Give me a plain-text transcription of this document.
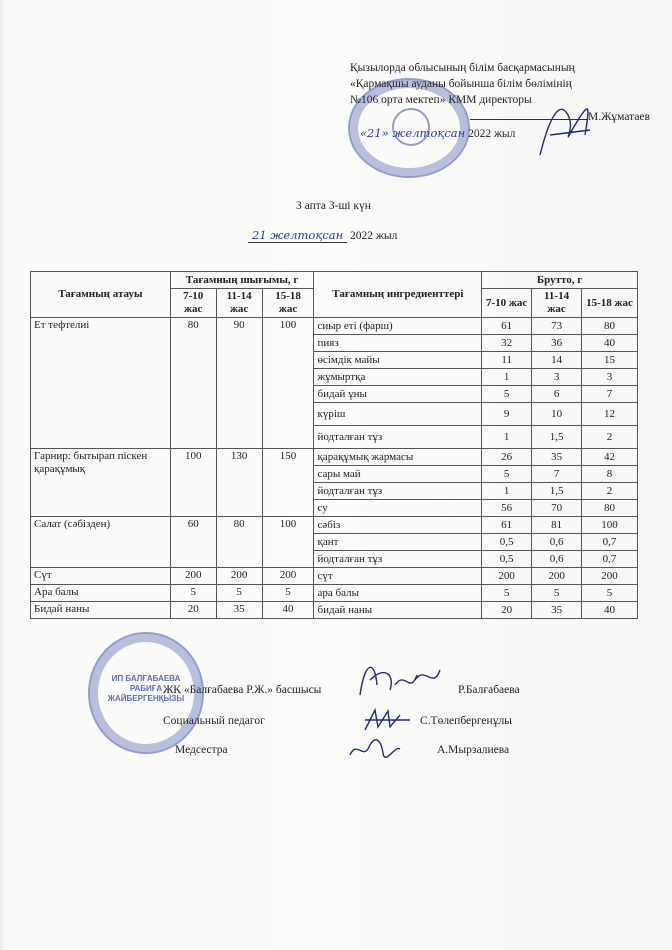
Қызылорда облысының білім басқармасының
«Қармақшы ауданы бойынша білім бөлімінің
№106 орта мектеп» КММ директоры
М.Жұматаев
«21» желтоқсан 2022 жыл
3 апта 3-ші күн
21 желтоқсан 2022 жыл
Тағамның атауы	Тағамның шығымы, г			Тағамның ингредиенттері	Брутто, г		
	7-10 жас	11-14 жас	15-18 жас		7-10 жас	11-14 жас	15-18 жас
Ет тефтелиі	80	90	100	сиыр еті (фарш)	61	73	80
				пияз	32	36	40
				өсімдік майы	11	14	15
				жұмыртқа	1	3	3
				бидай ұны	5	6	7
				күріш	9	10	12
				йодталған тұз	1	1,5	2
Гарнир: бытырап піскен қарақұмық	100	130	150	қарақұмық жармасы	26	35	42
				сары май	5	7	8
				йодталған тұз	1	1,5	2
				су	56	70	80
Салат (сәбізден)	60	80	100	сәбіз	61	81	100
				қант	0,5	0,6	0,7
				йодталған тұз	0,5	0,6	0,7
Сүт	200	200	200	сүт	200	200	200
Ара балы	5	5	5	ара балы	5	5	5
Бидай наны	20	35	40	бидай наны	20	35	40
ИП БАЛҒАБАЕВА РАБИҒА ЖАЙБЕРГЕНҚЫЗЫ
ЖК «Балғабаева Р.Ж.» басшысы	Р.Балғабаева
Социальный педагог	С.Төлепбергенұлы
Медсестра	А.Мырзалиева
